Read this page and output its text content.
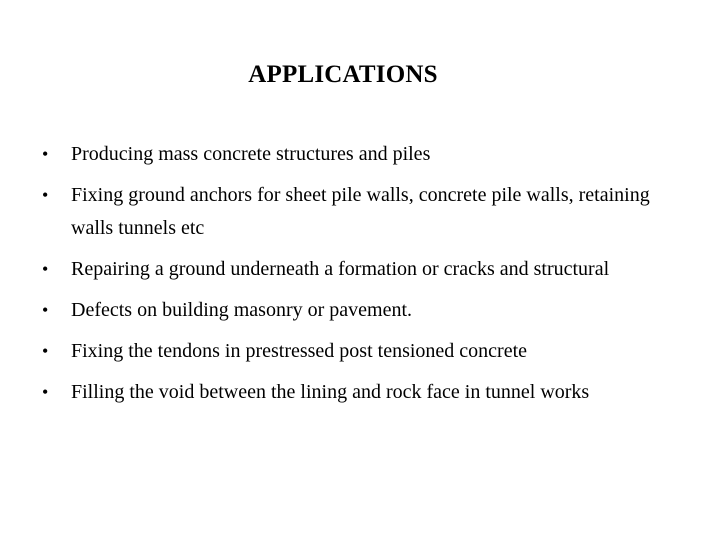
APPLICATIONS
•	Producing mass concrete structures and piles
•	Fixing ground anchors for sheet pile walls, concrete pile walls, retaining walls tunnels etc
•	Repairing a ground underneath a formation or cracks and structural
•	Defects on building masonry or pavement.
•	Fixing the tendons in prestressed post tensioned concrete
•	Filling the void between the lining and rock face in tunnel works
